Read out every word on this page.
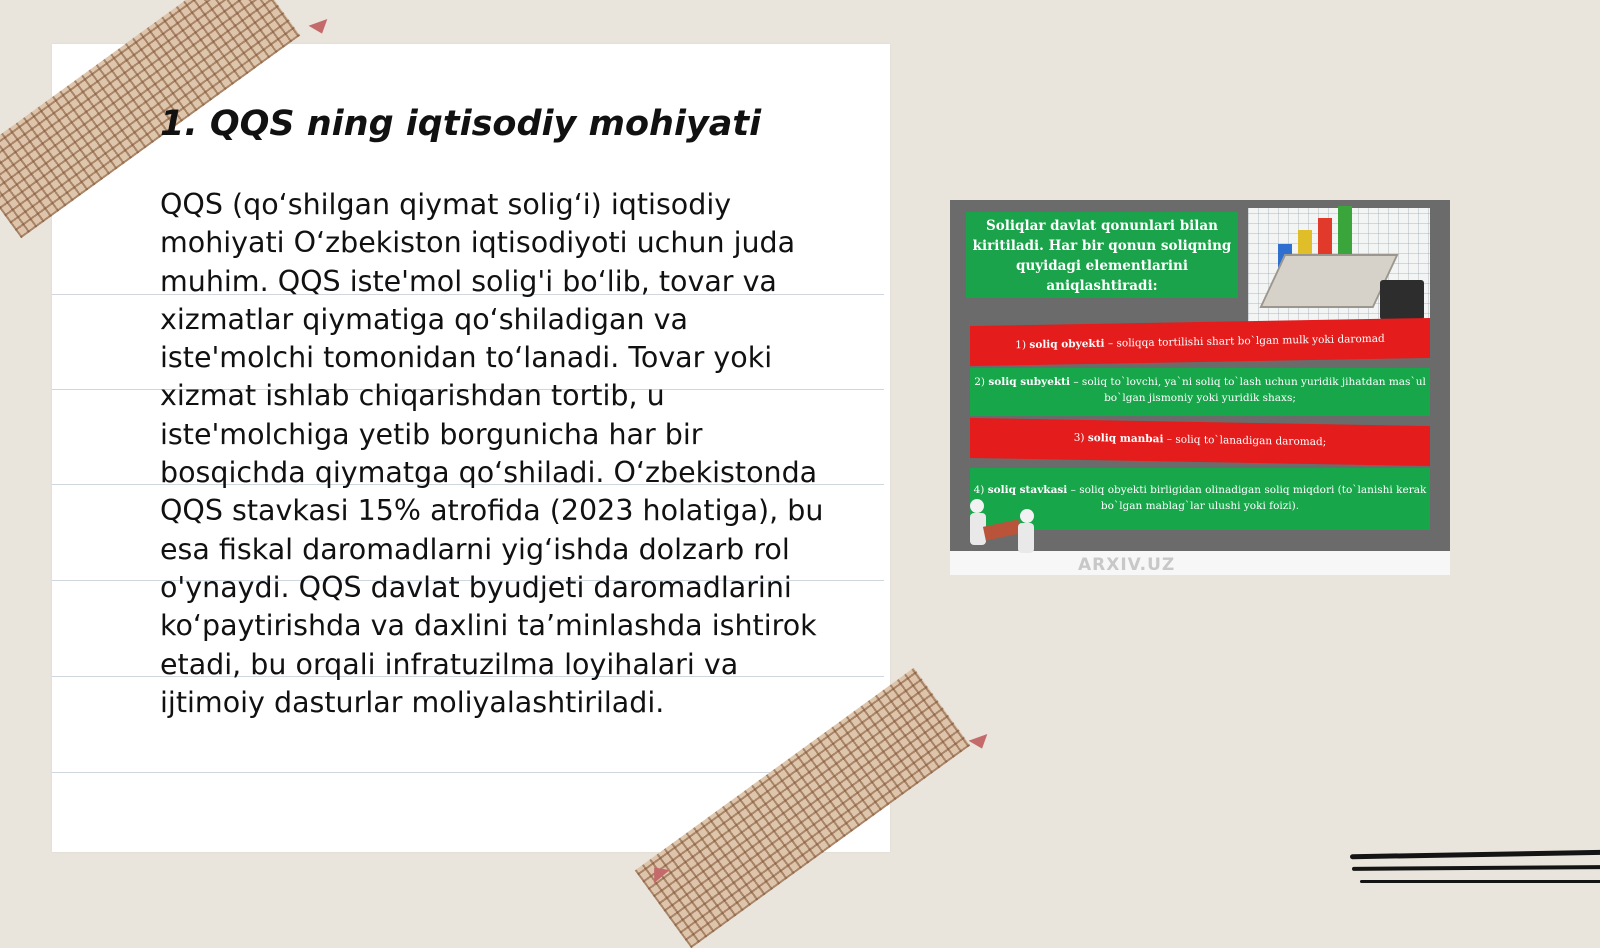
1. QQS ning iqtisodiy mohiyati

QQS (qo‘shilgan qiymat solig‘i) iqtisodiy mohiyati O‘zbekiston iqtisodiyoti uchun juda muhim. QQS iste'mol solig'i bo‘lib, tovar va xizmatlar qiymatiga qo‘shiladigan va iste'molchi tomonidan to‘lanadi. Tovar yoki xizmat ishlab chiqarishdan tortib, u iste'molchiga yetib borgunicha har bir bosqichda qiymatga qo‘shiladi. O‘zbekistonda QQS stavkasi 15% atrofida (2023 holatiga), bu esa fiskal daromadlarni yig‘ishda dolzarb rol o'ynaydi. QQS davlat byudjeti daromadlarini ko‘paytirishda va daxlini ta’minlashda ishtirok etadi, bu orqali infratuzilma loyihalari va ijtimoiy dasturlar moliyalashtiriladi.

Soliqlar davlat qonunlari bilan kiritiladi. Har bir qonun soliqning quyidagi elementlarini aniqlashtiradi:
1) soliq obyekti – soliqqa tortilishi shart bo`lgan mulk yoki daromad
2) soliq subyekti – soliq to`lovchi, ya`ni soliq to`lash uchun yuridik jihatdan mas`ul bo`lgan jismoniy yoki yuridik shaxs;
3) soliq manbai – soliq to`lanadigan daromad;
4) soliq stavkasi – soliq obyekti birligidan olinadigan soliq miqdori (to`lanishi kerak bo`lgan mablag`lar ulushi yoki foizi).
ARXIV.UZ
